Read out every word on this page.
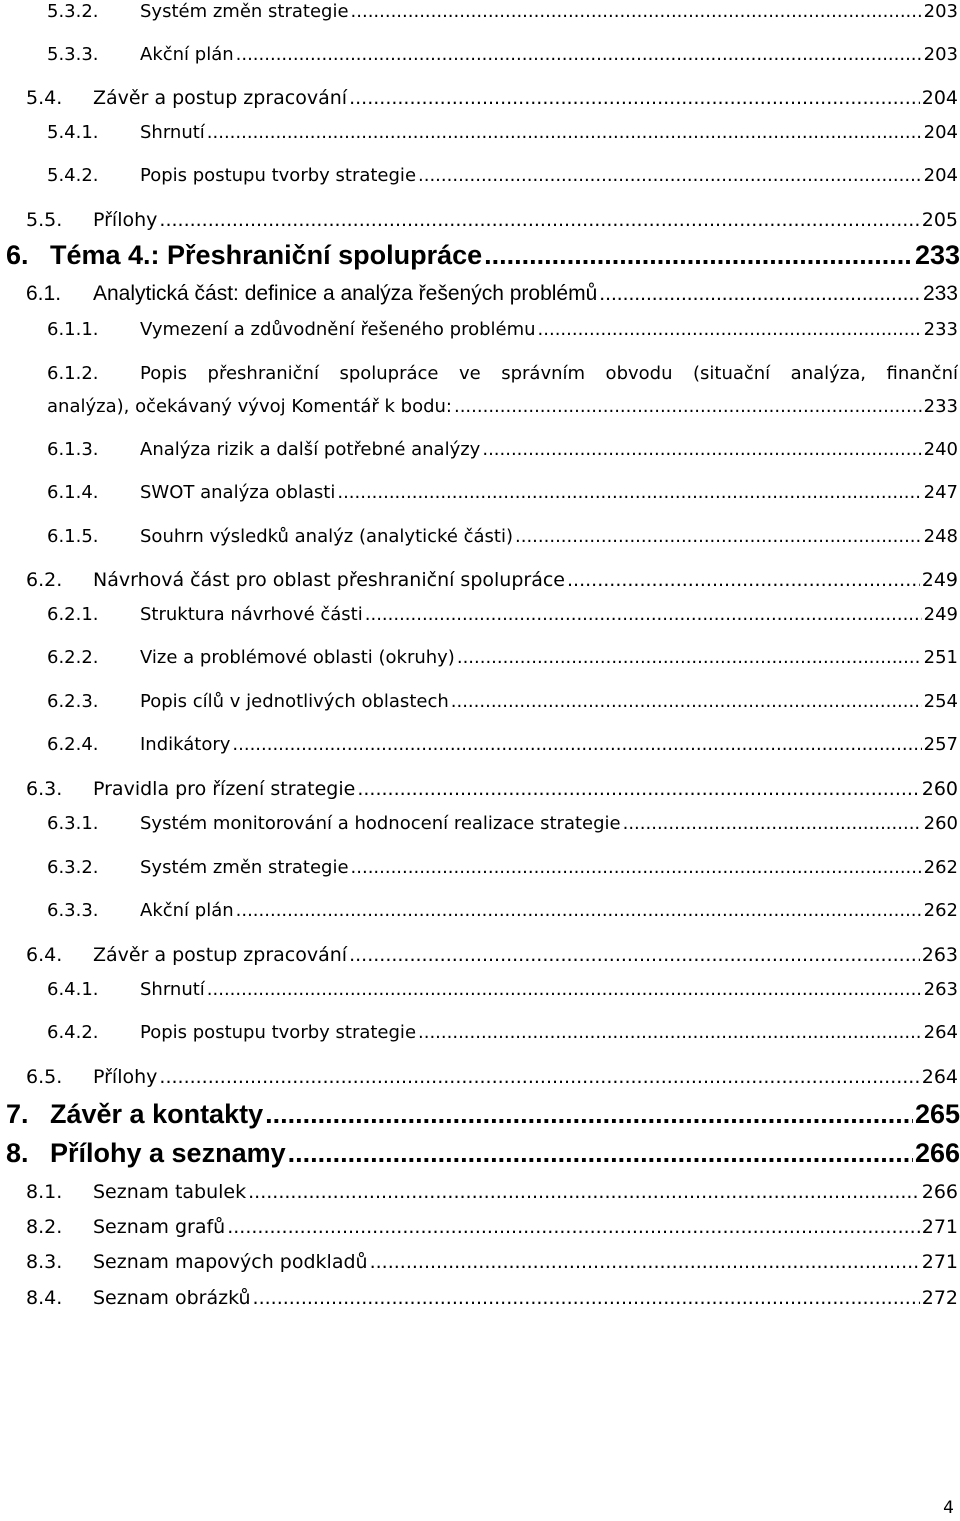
5.3.2.	Systém změn strategie .....	203
5.3.3.	Akční plán .....	203
5.4.	Závěr a postup zpracování .....	204
5.4.1.	Shrnutí .....	204
5.4.2.	Popis postupu tvorby strategie .....	204
5.5.	Přílohy .....	205
6. Téma 4.: Přeshraniční spolupráce .....	233
6.1.	Analytická část: definice a analýza řešených problémů .....	233
6.1.1.	Vymezení a zdůvodnění řešeného problému .....	233
6.1.2.	Popis přeshraniční spolupráce ve správním obvodu (situační analýza, finanční
analýza), očekávaný vývoj Komentář k bodu: .....	233
6.1.3.	Analýza rizik a další potřebné analýzy .....	240
6.1.4.	SWOT analýza oblasti .....	247
6.1.5.	Souhrn výsledků analýz (analytické části) .....	248
6.2.	Návrhová část pro oblast přeshraniční spolupráce .....	249
6.2.1.	Struktura návrhové části .....	249
6.2.2.	Vize a problémové oblasti (okruhy) .....	251
6.2.3.	Popis cílů v jednotlivých oblastech .....	254
6.2.4.	Indikátory .....	257
6.3.	Pravidla pro řízení strategie .....	260
6.3.1.	Systém monitorování a hodnocení realizace strategie .....	260
6.3.2.	Systém změn strategie .....	262
6.3.3.	Akční plán .....	262
6.4.	Závěr a postup zpracování .....	263
6.4.1.	Shrnutí .....	263
6.4.2.	Popis postupu tvorby strategie .....	264
6.5.	Přílohy .....	264
7. Závěr a kontakty .....	265
8. Přílohy a seznamy .....	266
8.1.	Seznam tabulek .....	266
8.2.	Seznam grafů .....	271
8.3.	Seznam mapových podkladů .....	271
8.4.	Seznam obrázků .....	272
4
